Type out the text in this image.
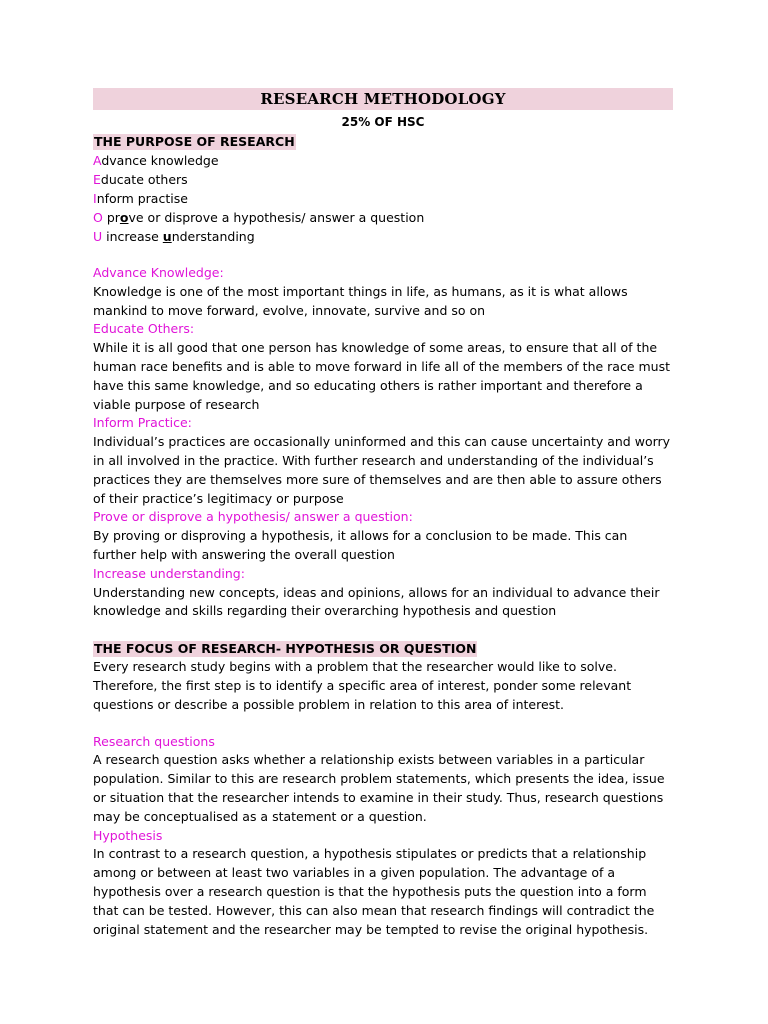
RESEARCH METHODOLOGY
25% OF HSC
THE PURPOSE OF RESEARCH
Advance knowledge
Educate others
Inform practise
O prove or disprove a hypothesis/ answer a question
U increase understanding
Advance Knowledge:
Knowledge is one of the most important things in life, as humans, as it is what allows mankind to move forward, evolve, innovate, survive and so on
Educate Others:
While it is all good that one person has knowledge of some areas, to ensure that all of the human race benefits and is able to move forward in life all of the members of the race must have this same knowledge, and so educating others is rather important and therefore a viable purpose of research
Inform Practice:
Individual’s practices are occasionally uninformed and this can cause uncertainty and worry in all involved in the practice. With further research and understanding of the individual’s practices they are themselves more sure of themselves and are then able to assure others of their practice’s legitimacy or purpose
Prove or disprove a hypothesis/ answer a question:
By proving or disproving a hypothesis, it allows for a conclusion to be made. This can further help with answering the overall question
Increase understanding:
Understanding new concepts, ideas and opinions, allows for an individual to advance their knowledge and skills regarding their overarching hypothesis and question
THE FOCUS OF RESEARCH- HYPOTHESIS OR QUESTION
Every research study begins with a problem that the researcher would like to solve. Therefore, the first step is to identify a specific area of interest, ponder some relevant questions or describe a possible problem in relation to this area of interest.
Research questions
A research question asks whether a relationship exists between variables in a particular population. Similar to this are research problem statements, which presents the idea, issue or situation that the researcher intends to examine in their study. Thus, research questions may be conceptualised as a statement or a question.
Hypothesis
In contrast to a research question, a hypothesis stipulates or predicts that a relationship among or between at least two variables in a given population. The advantage of a hypothesis over a research question is that the hypothesis puts the question into a form that can be tested. However, this can also mean that research findings will contradict the original statement and the researcher may be tempted to revise the original hypothesis.
